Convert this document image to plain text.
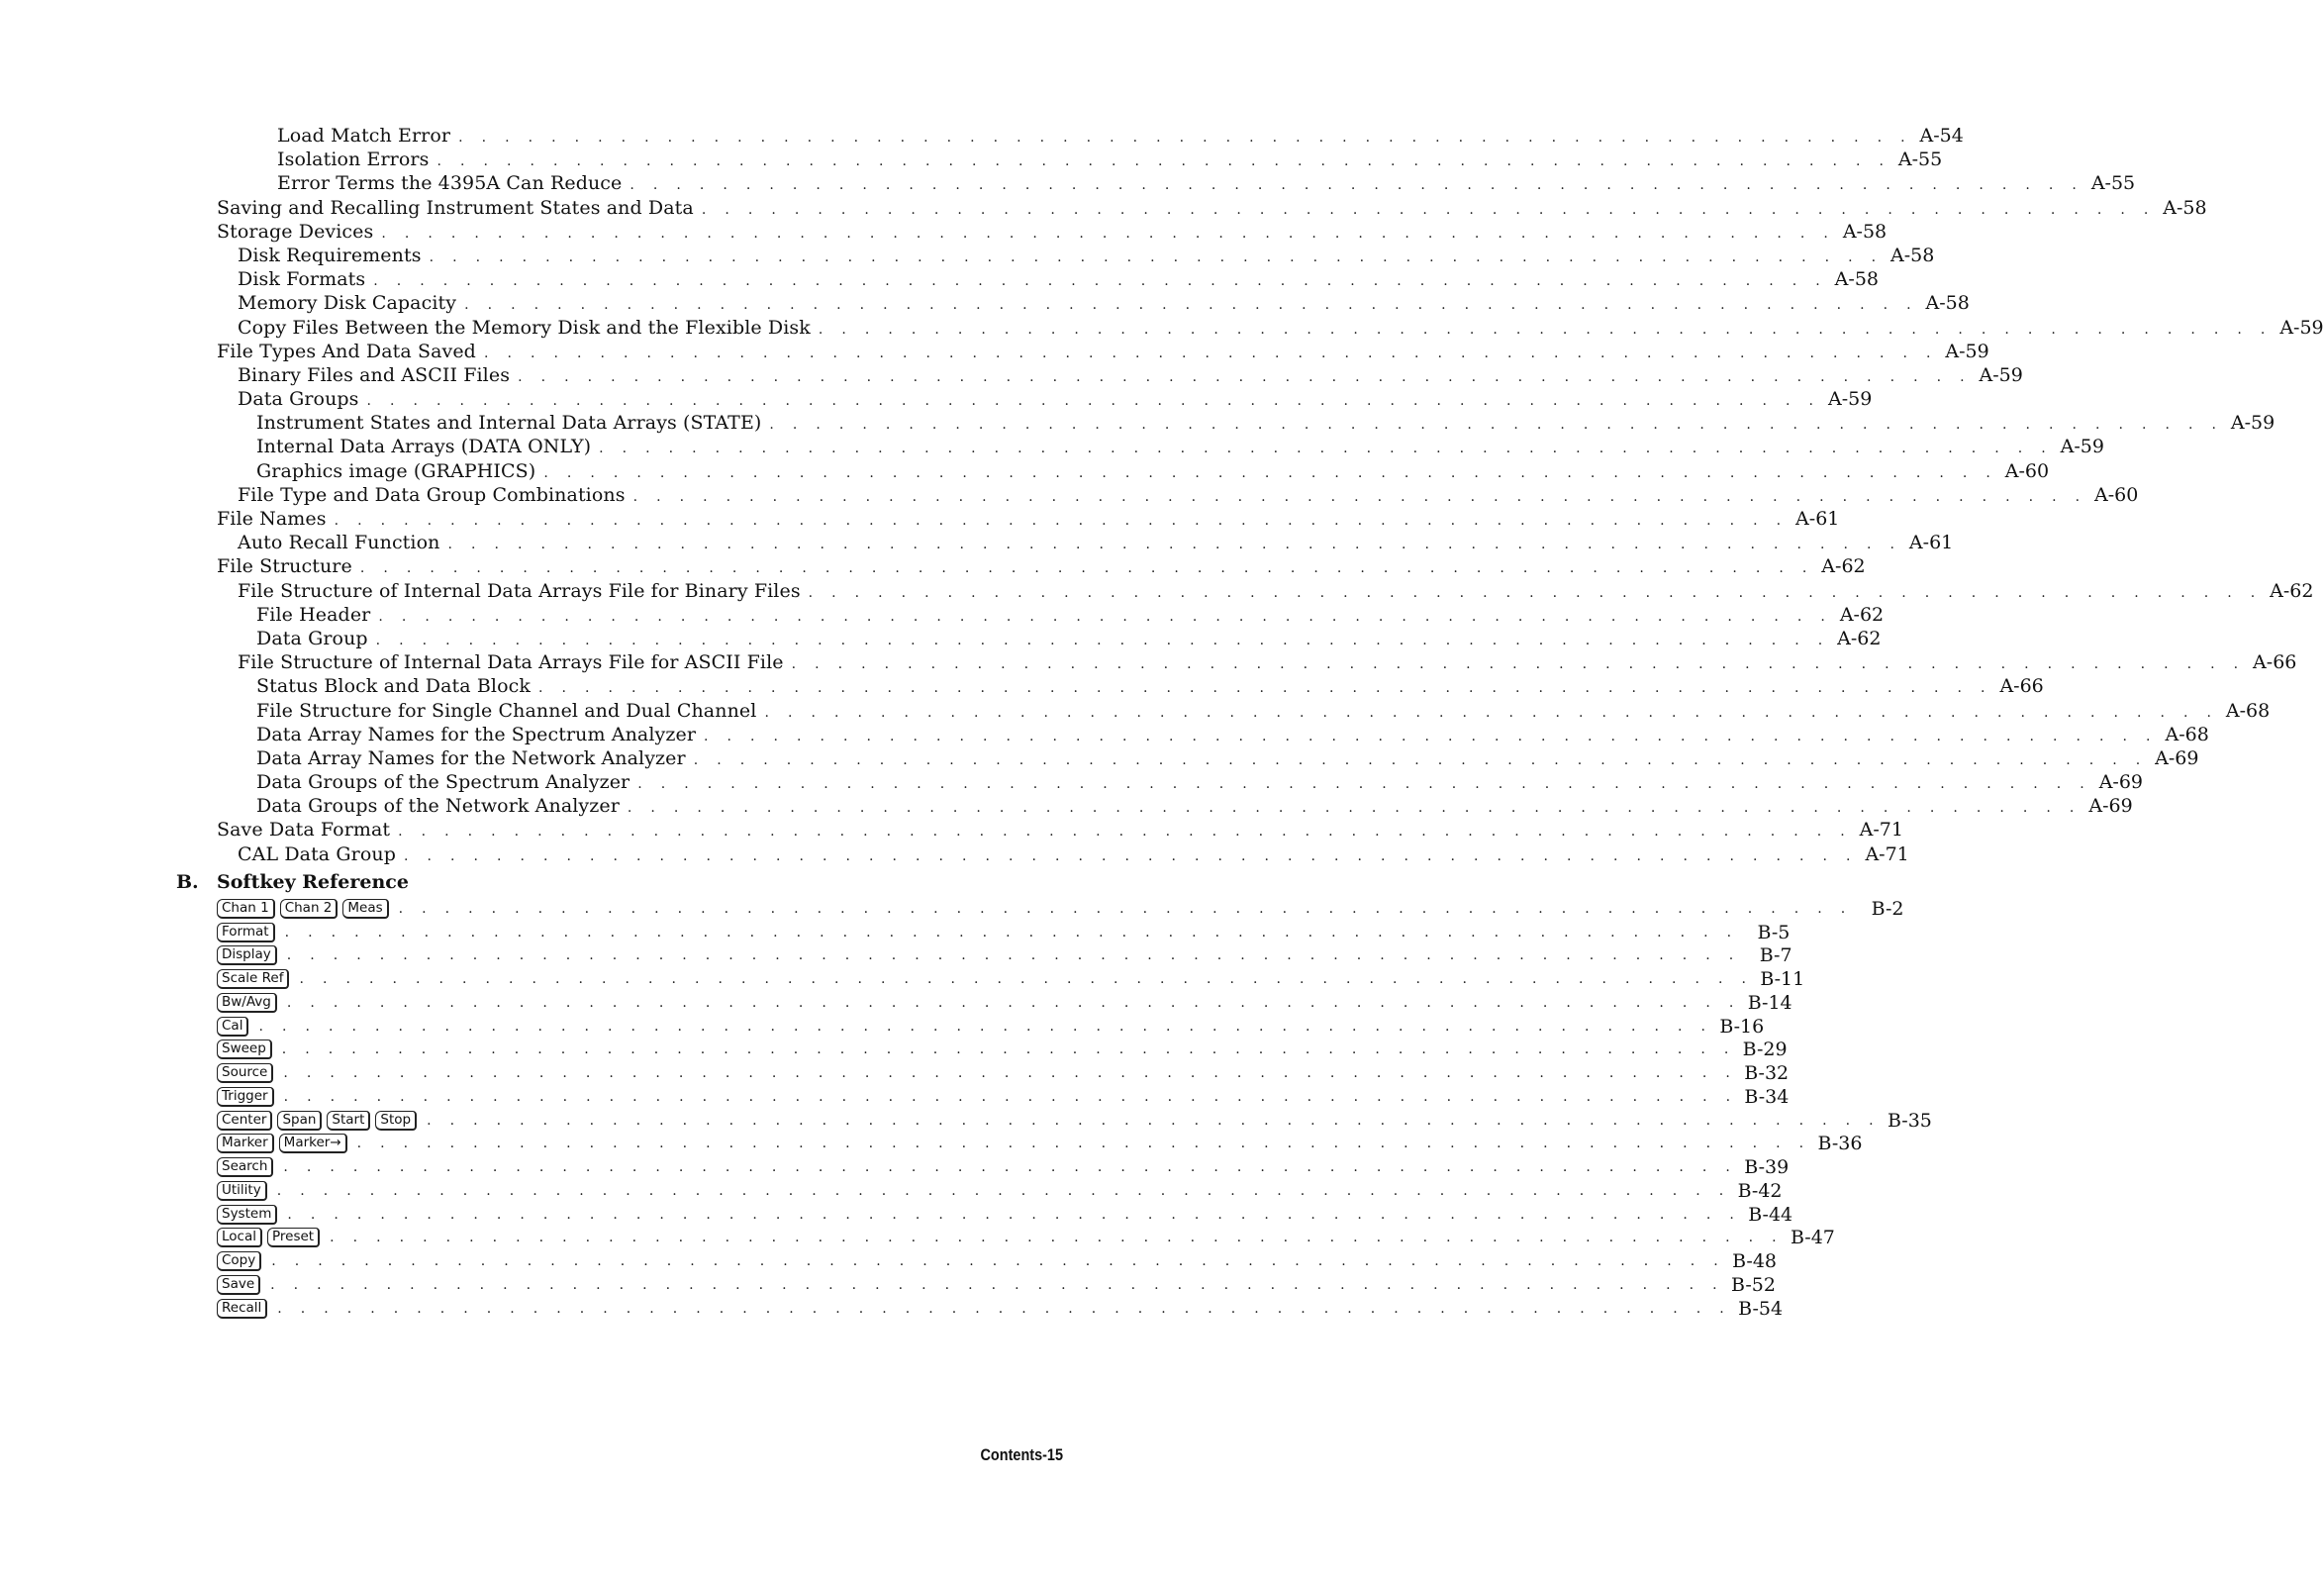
Load Match Error . . . . . . . . . . . . . . . . . . . . . . . . . . . . . . . . . . . . . . . . . . . . . . . . . . . . . . . . . . . . . . . A-54
Isolation Errors . . . . . . . . . . . . . . . . . . . . . . . . . . . . . . . . . . . . . . . . . . . . . . . . . . . . . . . . . . . . . . . A-55
Error Terms the 4395A Can Reduce . . . . . . . . . . . . . . . . . . . . . . . . . . . . . . . . . . . . . . . . . . . . . . . . . . . . . . . . . . . . . . . A-55
Saving and Recalling Instrument States and Data . . . . . . . . . . . . . . . . . . . . . . . . . . . . . . . . . . . . . . . . . . . . . . . . . . . . . . . . . . . . . . . A-58
Storage Devices . . . . . . . . . . . . . . . . . . . . . . . . . . . . . . . . . . . . . . . . . . . . . . . . . . . . . . . . . . . . . . . A-58
Disk Requirements . . . . . . . . . . . . . . . . . . . . . . . . . . . . . . . . . . . . . . . . . . . . . . . . . . . . . . . . . . . . . . . A-58
Disk Formats . . . . . . . . . . . . . . . . . . . . . . . . . . . . . . . . . . . . . . . . . . . . . . . . . . . . . . . . . . . . . . . A-58
Memory Disk Capacity . . . . . . . . . . . . . . . . . . . . . . . . . . . . . . . . . . . . . . . . . . . . . . . . . . . . . . . . . . . . . . . A-58
Copy Files Between the Memory Disk and the Flexible Disk . . . . . . . . . . . . . . . . . . . . . . . . . . . . . . . . . . . . . . . . . . . . . . . . . . . . . . . . . . . . . . . A-59
File Types And Data Saved . . . . . . . . . . . . . . . . . . . . . . . . . . . . . . . . . . . . . . . . . . . . . . . . . . . . . . . . . . . . . . . A-59
Binary Files and ASCII Files . . . . . . . . . . . . . . . . . . . . . . . . . . . . . . . . . . . . . . . . . . . . . . . . . . . . . . . . . . . . . . . A-59
Data Groups . . . . . . . . . . . . . . . . . . . . . . . . . . . . . . . . . . . . . . . . . . . . . . . . . . . . . . . . . . . . . . . A-59
Instrument States and Internal Data Arrays (STATE) . . . . . . . . . . . . . . . . . . . . . . . . . . . . . . . . . . . . . . . . . . . . . . . . . . . . . . . . . . . . . . . A-59
Internal Data Arrays (DATA ONLY) . . . . . . . . . . . . . . . . . . . . . . . . . . . . . . . . . . . . . . . . . . . . . . . . . . . . . . . . . . . . . . . A-59
Graphics image (GRAPHICS) . . . . . . . . . . . . . . . . . . . . . . . . . . . . . . . . . . . . . . . . . . . . . . . . . . . . . . . . . . . . . . . A-60
File Type and Data Group Combinations . . . . . . . . . . . . . . . . . . . . . . . . . . . . . . . . . . . . . . . . . . . . . . . . . . . . . . . . . . . . . . . A-60
File Names . . . . . . . . . . . . . . . . . . . . . . . . . . . . . . . . . . . . . . . . . . . . . . . . . . . . . . . . . . . . . . . A-61
Auto Recall Function . . . . . . . . . . . . . . . . . . . . . . . . . . . . . . . . . . . . . . . . . . . . . . . . . . . . . . . . . . . . . . . A-61
File Structure . . . . . . . . . . . . . . . . . . . . . . . . . . . . . . . . . . . . . . . . . . . . . . . . . . . . . . . . . . . . . . . A-62
File Structure of Internal Data Arrays File for Binary Files . . . . . . . . . . . . . . . . . . . . . . . . . . . . . . . . . . . . . . . . . . . . . . . . . . . . . . . . . . . . . . . A-62
File Header . . . . . . . . . . . . . . . . . . . . . . . . . . . . . . . . . . . . . . . . . . . . . . . . . . . . . . . . . . . . . . . A-62
Data Group . . . . . . . . . . . . . . . . . . . . . . . . . . . . . . . . . . . . . . . . . . . . . . . . . . . . . . . . . . . . . . . A-62
File Structure of Internal Data Arrays File for ASCII File . . . . . . . . . . . . . . . . . . . . . . . . . . . . . . . . . . . . . . . . . . . . . . . . . . . . . . . . . . . . . . . A-66
Status Block and Data Block . . . . . . . . . . . . . . . . . . . . . . . . . . . . . . . . . . . . . . . . . . . . . . . . . . . . . . . . . . . . . . . A-66
File Structure for Single Channel and Dual Channel . . . . . . . . . . . . . . . . . . . . . . . . . . . . . . . . . . . . . . . . . . . . . . . . . . . . . . . . . . . . . . . A-68
Data Array Names for the Spectrum Analyzer . . . . . . . . . . . . . . . . . . . . . . . . . . . . . . . . . . . . . . . . . . . . . . . . . . . . . . . . . . . . . . . A-68
Data Array Names for the Network Analyzer . . . . . . . . . . . . . . . . . . . . . . . . . . . . . . . . . . . . . . . . . . . . . . . . . . . . . . . . . . . . . . . A-69
Data Groups of the Spectrum Analyzer . . . . . . . . . . . . . . . . . . . . . . . . . . . . . . . . . . . . . . . . . . . . . . . . . . . . . . . . . . . . . . . A-69
Data Groups of the Network Analyzer . . . . . . . . . . . . . . . . . . . . . . . . . . . . . . . . . . . . . . . . . . . . . . . . . . . . . . . . . . . . . . . A-69
Save Data Format . . . . . . . . . . . . . . . . . . . . . . . . . . . . . . . . . . . . . . . . . . . . . . . . . . . . . . . . . . . . . . . A-71
CAL Data Group . . . . . . . . . . . . . . . . . . . . . . . . . . . . . . . . . . . . . . . . . . . . . . . . . . . . . . . . . . . . . . . A-71
B. Softkey Reference
Chan 1	Chan 2	Meas	. . . . . . . . . . . . . . . . . . . . . . . . . . . . . . . . . . . . . . . . . . . . . . . . . . . . . . . . . . . . . . .	B-2
Format	. . . . . . . . . . . . . . . . . . . . . . . . . . . . . . . . . . . . . . . . . . . . . . . . . . . . . . . . . . . . . . .	B-5
Display	. . . . . . . . . . . . . . . . . . . . . . . . . . . . . . . . . . . . . . . . . . . . . . . . . . . . . . . . . . . . . . .	B-7
Scale Ref	. . . . . . . . . . . . . . . . . . . . . . . . . . . . . . . . . . . . . . . . . . . . . . . . . . . . . . . . . . . . . . . B-11
Bw/Avg	. . . . . . . . . . . . . . . . . . . . . . . . . . . . . . . . . . . . . . . . . . . . . . . . . . . . . . . . . . . . . . . B-14
Cal	. . . . . . . . . . . . . . . . . . . . . . . . . . . . . . . . . . . . . . . . . . . . . . . . . . . . . . . . . . . . . . . B-16
Sweep	. . . . . . . . . . . . . . . . . . . . . . . . . . . . . . . . . . . . . . . . . . . . . . . . . . . . . . . . . . . . . . . B-29
Source	. . . . . . . . . . . . . . . . . . . . . . . . . . . . . . . . . . . . . . . . . . . . . . . . . . . . . . . . . . . . . . . B-32
Trigger	. . . . . . . . . . . . . . . . . . . . . . . . . . . . . . . . . . . . . . . . . . . . . . . . . . . . . . . . . . . . . . . B-34
Center	Span	Start	Stop	. . . . . . . . . . . . . . . . . . . . . . . . . . . . . . . . . . . . . . . . . . . . . . . . . . . . . . . . . . . . . . . B-35
Marker	Marker→	. . . . . . . . . . . . . . . . . . . . . . . . . . . . . . . . . . . . . . . . . . . . . . . . . . . . . . . . . . . . . . . B-36
Search	. . . . . . . . . . . . . . . . . . . . . . . . . . . . . . . . . . . . . . . . . . . . . . . . . . . . . . . . . . . . . . . B-39
Utility	. . . . . . . . . . . . . . . . . . . . . . . . . . . . . . . . . . . . . . . . . . . . . . . . . . . . . . . . . . . . . . . B-42
System	. . . . . . . . . . . . . . . . . . . . . . . . . . . . . . . . . . . . . . . . . . . . . . . . . . . . . . . . . . . . . . . B-44
Local	Preset	. . . . . . . . . . . . . . . . . . . . . . . . . . . . . . . . . . . . . . . . . . . . . . . . . . . . . . . . . . . . . . . B-47
Copy	. . . . . . . . . . . . . . . . . . . . . . . . . . . . . . . . . . . . . . . . . . . . . . . . . . . . . . . . . . . . . . . B-48
Save	. . . . . . . . . . . . . . . . . . . . . . . . . . . . . . . . . . . . . . . . . . . . . . . . . . . . . . . . . . . . . . . B-52
Recall	. . . . . . . . . . . . . . . . . . . . . . . . . . . . . . . . . . . . . . . . . . . . . . . . . . . . . . . . . . . . . . . B-54
Contents-15
